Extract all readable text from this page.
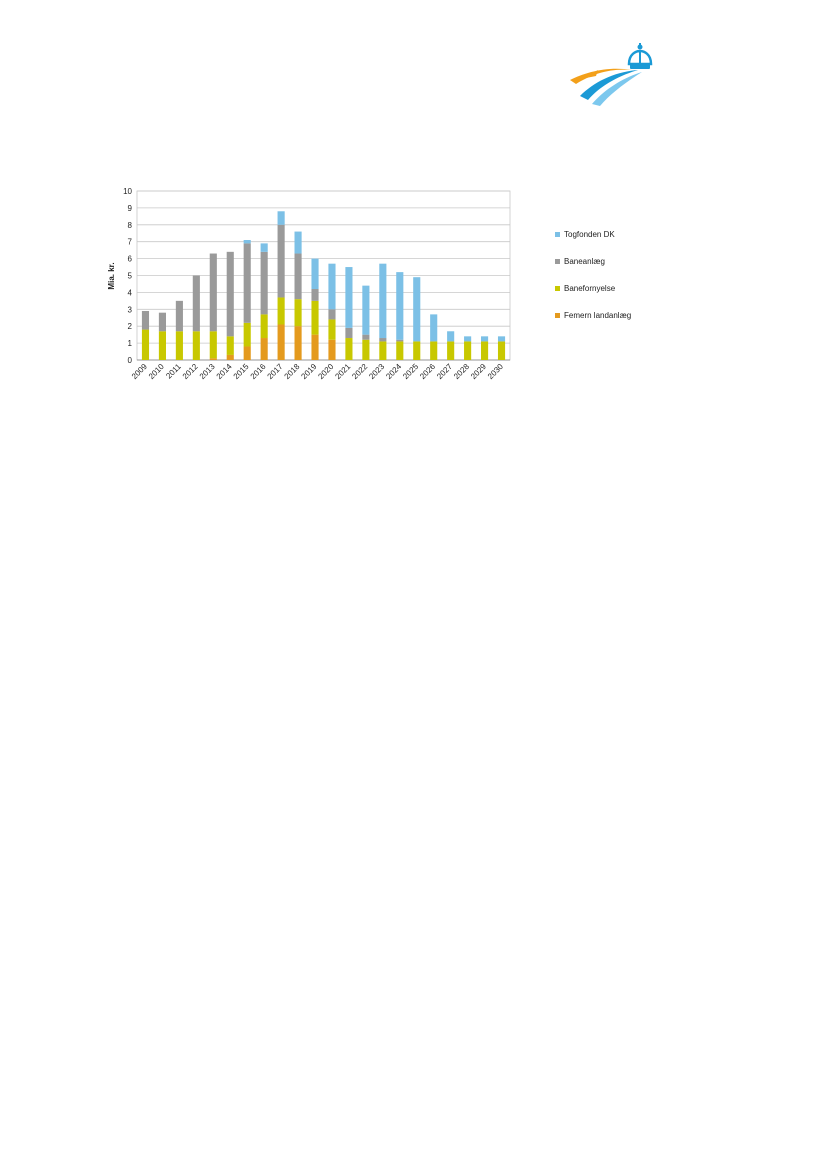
0
1
2
3
4
5
6
7
8
9
10
2009
2010
2011
2012
2013
2014
2015
2016
2017
2018
2019
2020
2021
2022
2023
2024
2025
2026
2027
2028
2029
2030
Mia. kr.
Togfonden DK
Baneanlæg
Banefornyelse
Femern landanlæg
